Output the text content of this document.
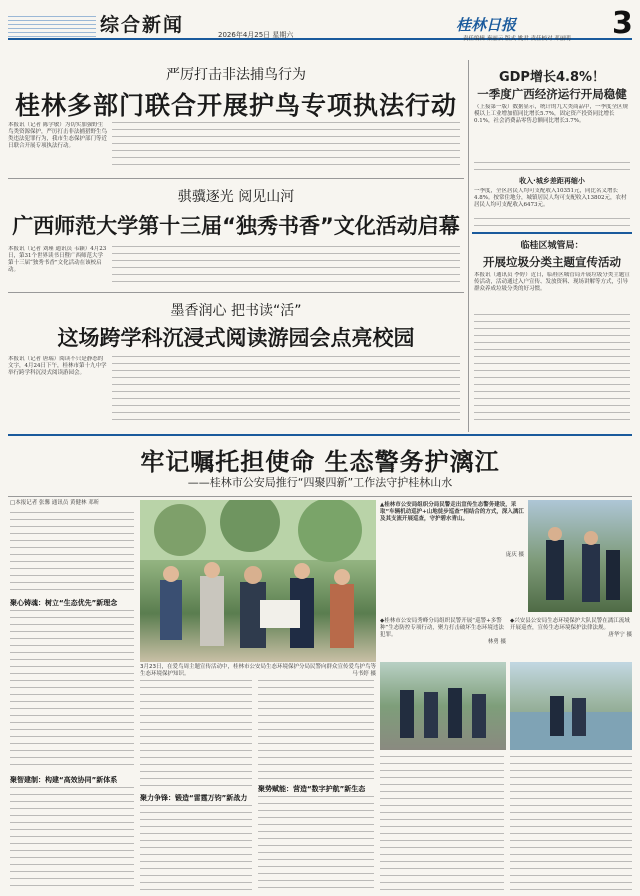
综合新闻	2026年4月25日 星期六
桂林日报	3
责任编辑 秦丽云 版式 姚君 责任校对 邓丽明
严厉打击非法捕鸟行为
桂林多部门联合开展护鸟专项执法行动
本报讯（记者 陈学敏）为切实加强野生鸟类资源保护，严厉打击非法捕猎野生鸟类违法犯罪行为，我市生态保护部门等近日联合开展专项执法行动。
骐骥逐光 阅见山河
广西师范大学第十三届“独秀书香”文化活动启幕
本报讯（记者 刘瑾 通讯员 韦颖）4月23日，第31个世界读书日暨广西师范大学第十三届“独秀书香”文化活动在该校启动。
墨香润心 把书读“活”
这场跨学科沉浸式阅读游园会点亮校园
本报讯（记者 唐瑞）阅读不只是静态的文字，4月24日下午，桂林市第十九中学举行跨学科沉浸式阅读游园会。
GDP增长4.8%！
一季度广西经济运行开局稳健
（上接第一版）数据显示，统计的九大类商品中，一季度全区规模以上工业增加值同比增长5.7%，固定资产投资同比增长0.1%，社会消费品零售总额同比增长3.7%。
收入·城乡差距再缩小
一季度，全区居民人均可支配收入10351元，同比名义增长4.8%。按常住地分，城镇居民人均可支配收入13802元，农村居民人均可支配收入6473元。
临桂区城管局：
开展垃圾分类主题宣传活动
本报讯（通讯员 李婷）近日，临桂区城管局开展垃圾分类主题宣传活动，活动通过入户宣传、发放资料、现场讲解等方式，引导群众养成垃圾分类的好习惯。
牢记嘱托担使命 生态警务护漓江
——桂林市公安局推行“四聚四新”工作法守护桂林山水
□本报记者 张馨 通讯员 黄健林 邓昕
聚心铸魂：树立“生态优先”新理念
聚智建制：构建“高效协同”新体系
3月23日，在爱鸟周主题宣传活动中，桂林市公安局生态环境保护分局民警向群众宣传爱鸟护鸟等生态环境保护知识。	马书婷 摄
▲桂林市公安局组织分局民警走出宣传生态警务建设，采取“车辆机动巡护+山地徒步巡查”相结合的方式，深入漓江及其支流开展巡查，守护碧水青山。
庞庆 摄
◆桂林市公安局秀峰分局组织民警开展“巡警+多警种”生态防控专项行动，聚力打击破坏生态环境违法犯罪。
林勇 摄
◆兴安县公安局生态环境保护大队民警在漓江流域开展巡查，宣传生态环境保护法律法规。
唐华宁 摄
聚力争锋：锻造“雷霆万钧”新战力
聚势赋能：营造“数字护航”新生态
